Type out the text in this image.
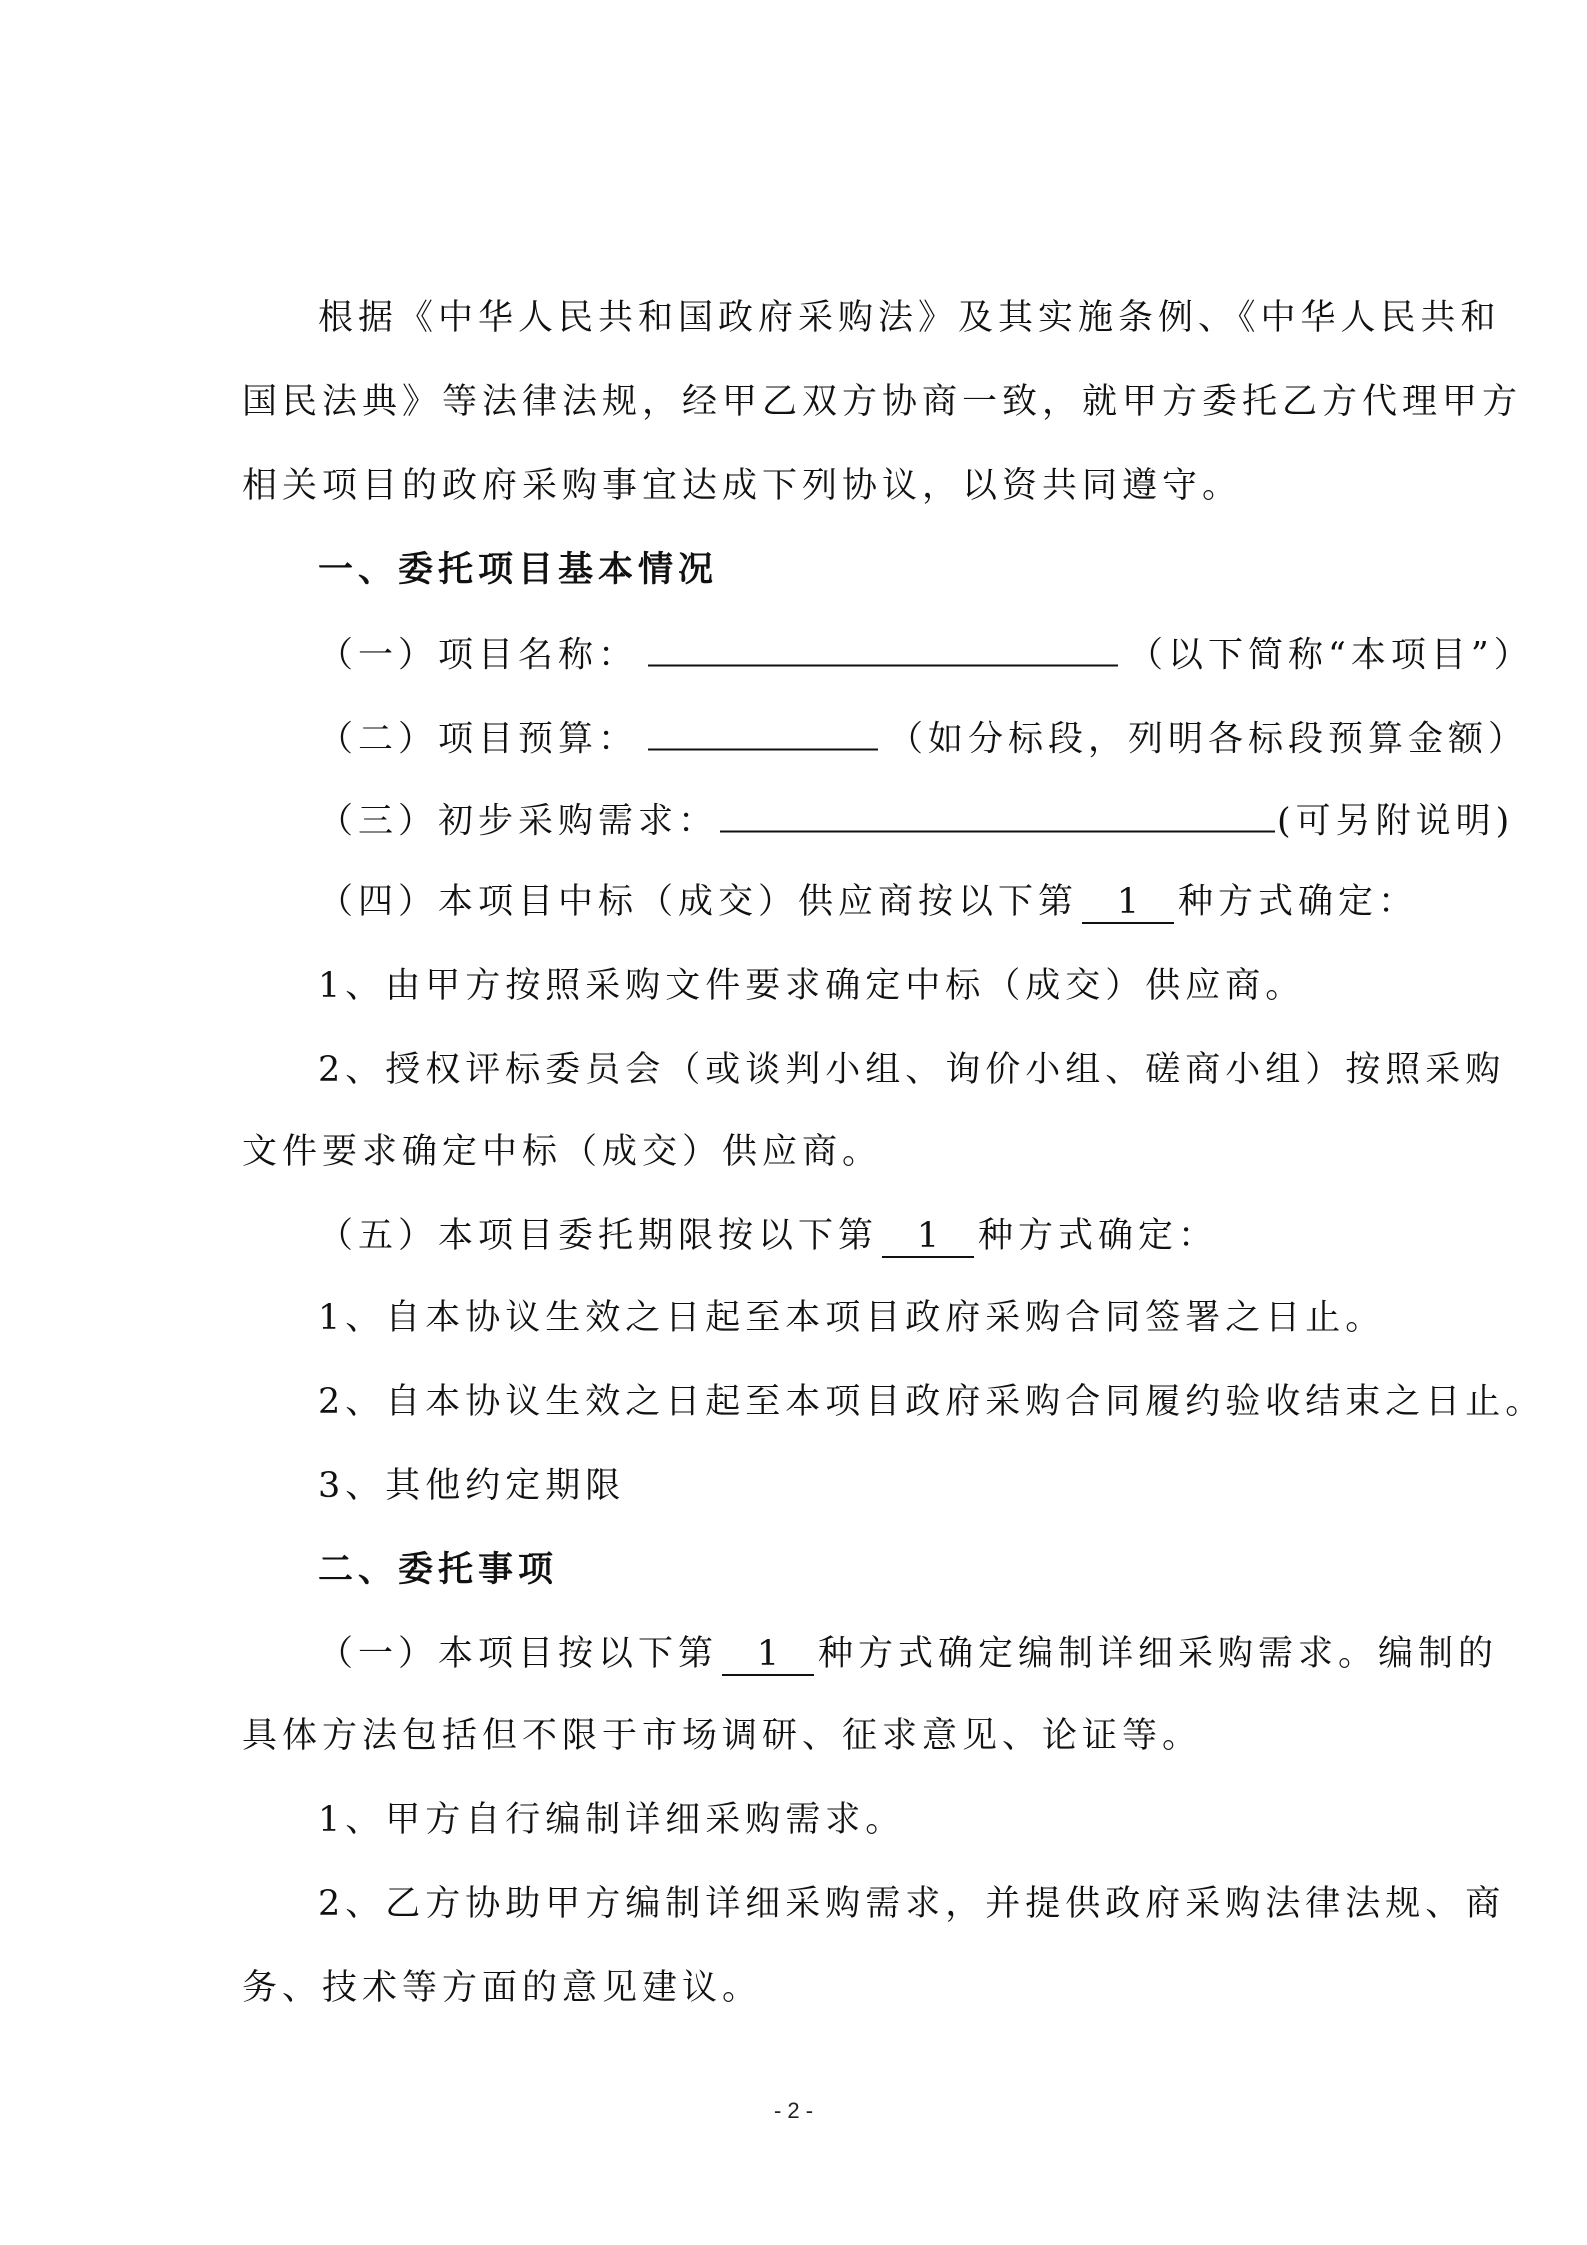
根据《中华人民共和国政府采购法》及其实施条例、《中华人民共和
国民法典》等法律法规，经甲乙双方协商一致，就甲方委托乙方代理甲方
相关项目的政府采购事宜达成下列协议，以资共同遵守。
一、委托项目基本情况
（一）项目名称：	（以下简称“本项目”）
（二）项目预算：	（如分标段，列明各标段预算金额）
（三）初步采购需求：	(可另附说明)
（四）本项目中标（成交）供应商按以下第 1 种方式确定：
1、由甲方按照采购文件要求确定中标（成交）供应商。
2、授权评标委员会（或谈判小组、询价小组、磋商小组）按照采购
文件要求确定中标（成交）供应商。
（五）本项目委托期限按以下第 1 种方式确定：
1、自本协议生效之日起至本项目政府采购合同签署之日止。
2、自本协议生效之日起至本项目政府采购合同履约验收结束之日止。
3、其他约定期限
二、委托事项
（一）本项目按以下第 1 种方式确定编制详细采购需求。编制的
具体方法包括但不限于市场调研、征求意见、论证等。
1、甲方自行编制详细采购需求。
2、乙方协助甲方编制详细采购需求，并提供政府采购法律法规、商
务、技术等方面的意见建议。
- 2 -
